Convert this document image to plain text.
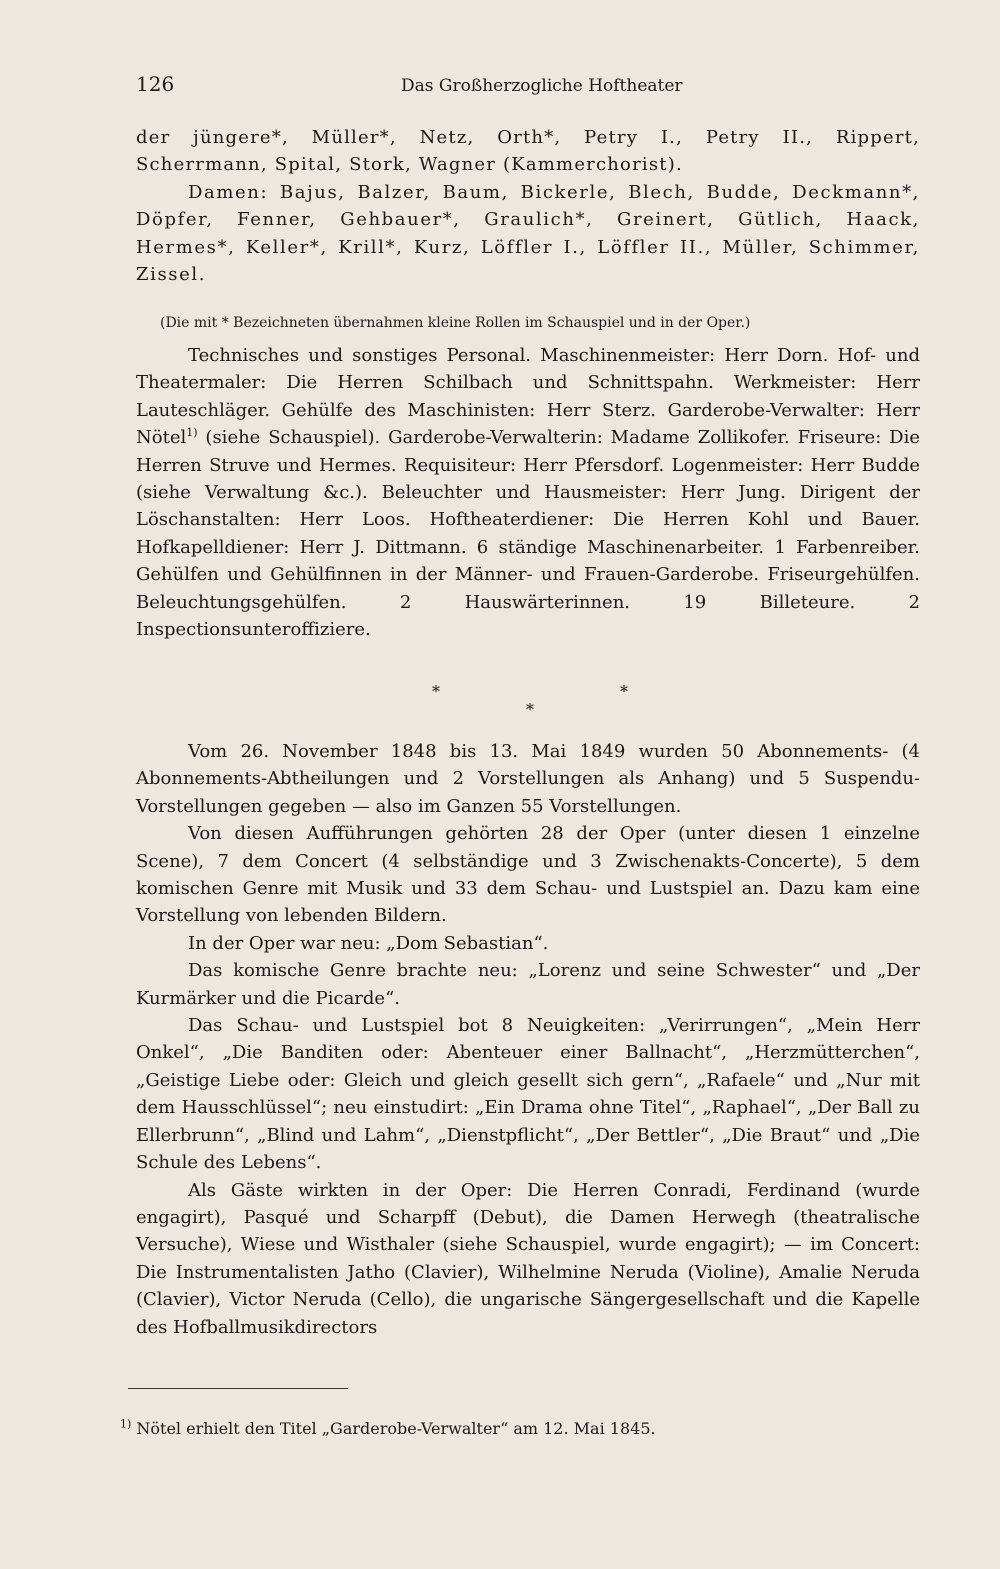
126	Das Großherzogliche Hoftheater

der jüngere*, Müller*, Netz, Orth*, Petry I., Petry II., Rippert,

Scherrmann, Spital, Stork, Wagner (Kammerchorist).

Damen: Bajus, Balzer, Baum, Bickerle, Blech, Budde, Deckmann*, Döpfer, Fenner, Gehbauer*, Graulich*, Greinert, Gütlich, Haack, Hermes*, Keller*, Krill*, Kurz, Löffler I., Löffler II., Müller, Schimmer, Zissel.

(Die mit * Bezeichneten übernahmen kleine Rollen im Schauspiel und in der Oper.)

Technisches und sonstiges Personal. Maschinenmeister: Herr Dorn. Hof- und Theatermaler: Die Herren Schilbach und Schnittspahn. Werkmeister: Herr Lauteschläger. Gehülfe des Maschinisten: Herr Sterz. Garderobe-Verwalter: Herr Nötel$^{1)}$ (siehe Schauspiel). Garderobe-Verwalterin: Madame Zollikofer. Friseure: Die Herren Struve und Hermes. Requisiteur: Herr Pfersdorf. Logenmeister: Herr Budde (siehe Verwaltung &c.). Beleuchter und Hausmeister: Herr Jung. Dirigent der Löschanstalten: Herr Loos. Hoftheaterdiener: Die Herren Kohl und Bauer. Hofkapelldiener: Herr J. Dittmann. 6 ständige Maschinenarbeiter. 1 Farbenreiber. Gehülfen und Gehülfinnen in der Männer- und Frauen-Garderobe. Friseurgehülfen. Beleuchtungsgehülfen. 2 Hauswärterinnen. 19 Billeteure. 2 Inspectionsunteroffiziere.

*	*
*

Vom 26. November 1848 bis 13. Mai 1849 wurden 50 Abonnements- (4 Abonnements-Abtheilungen und 2 Vorstellungen als Anhang) und 5 Suspendu-Vorstellungen gegeben — also im Ganzen 55 Vorstellungen.

Von diesen Aufführungen gehörten 28 der Oper (unter diesen 1 einzelne Scene), 7 dem Concert (4 selbständige und 3 Zwischenakts-Concerte), 5 dem komischen Genre mit Musik und 33 dem Schau- und Lustspiel an. Dazu kam eine Vorstellung von lebenden Bildern.

In der Oper war neu: „Dom Sebastian“.

Das komische Genre brachte neu: „Lorenz und seine Schwester“ und „Der Kurmärker und die Picarde“.

Das Schau- und Lustspiel bot 8 Neuigkeiten: „Verirrungen“, „Mein Herr Onkel“, „Die Banditen oder: Abenteuer einer Ballnacht“, „Herzmütterchen“, „Geistige Liebe oder: Gleich und gleich gesellt sich gern“, „Rafaele“ und „Nur mit dem Hausschlüssel“; neu einstudirt: „Ein Drama ohne Titel“, „Raphael“, „Der Ball zu Ellerbrunn“, „Blind und Lahm“, „Dienstpflicht“, „Der Bettler“, „Die Braut“ und „Die Schule des Lebens“.

Als Gäste wirkten in der Oper: Die Herren Conradi, Ferdinand (wurde engagirt), Pasqué und Scharpff (Debut), die Damen Herwegh (theatralische Versuche), Wiese und Wisthaler (siehe Schauspiel, wurde engagirt); — im Concert: Die Instrumentalisten Jatho (Clavier), Wilhelmine Neruda (Violine), Amalie Neruda (Clavier), Victor Neruda (Cello), die ungarische Sängergesellschaft und die Kapelle des Hofballmusikdirectors

$^{1)}$ Nötel erhielt den Titel „Garderobe-Verwalter“ am 12. Mai 1845.
